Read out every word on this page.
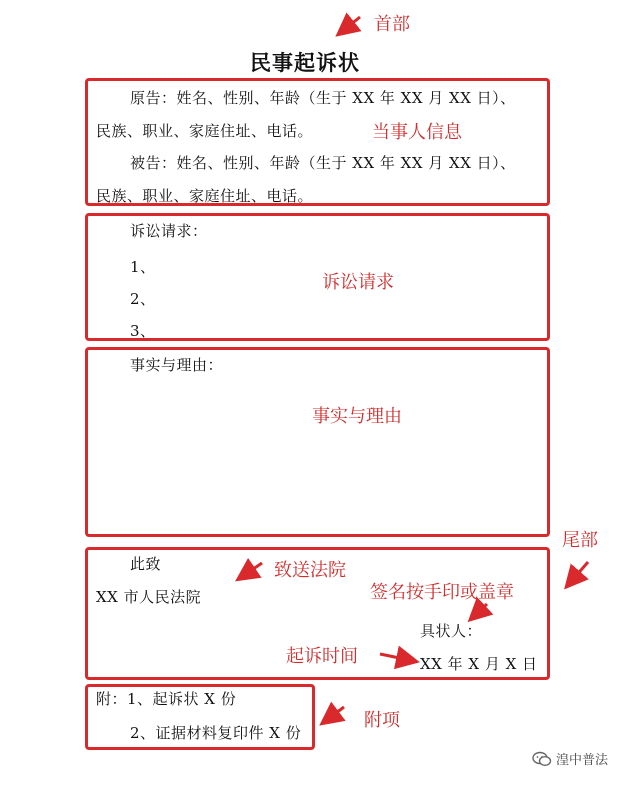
首部
民事起诉状
原告：姓名、性别、年龄（生于 XX 年 XX 月 XX 日）、
民族、职业、家庭住址、电话。	当事人信息
被告：姓名、性别、年龄（生于 XX 年 XX 月 XX 日）、
民族、职业、家庭住址、电话。
诉讼请求：
1、
2、
3、
诉讼请求
事实与理由：
事实与理由
尾部
此致	致送法院
XX 市人民法院	签名按手印或盖章
具状人：
起诉时间	XX 年 X 月 X 日
附：1、起诉状 X 份
2、证据材料复印件 X 份
附项
湟中普法
